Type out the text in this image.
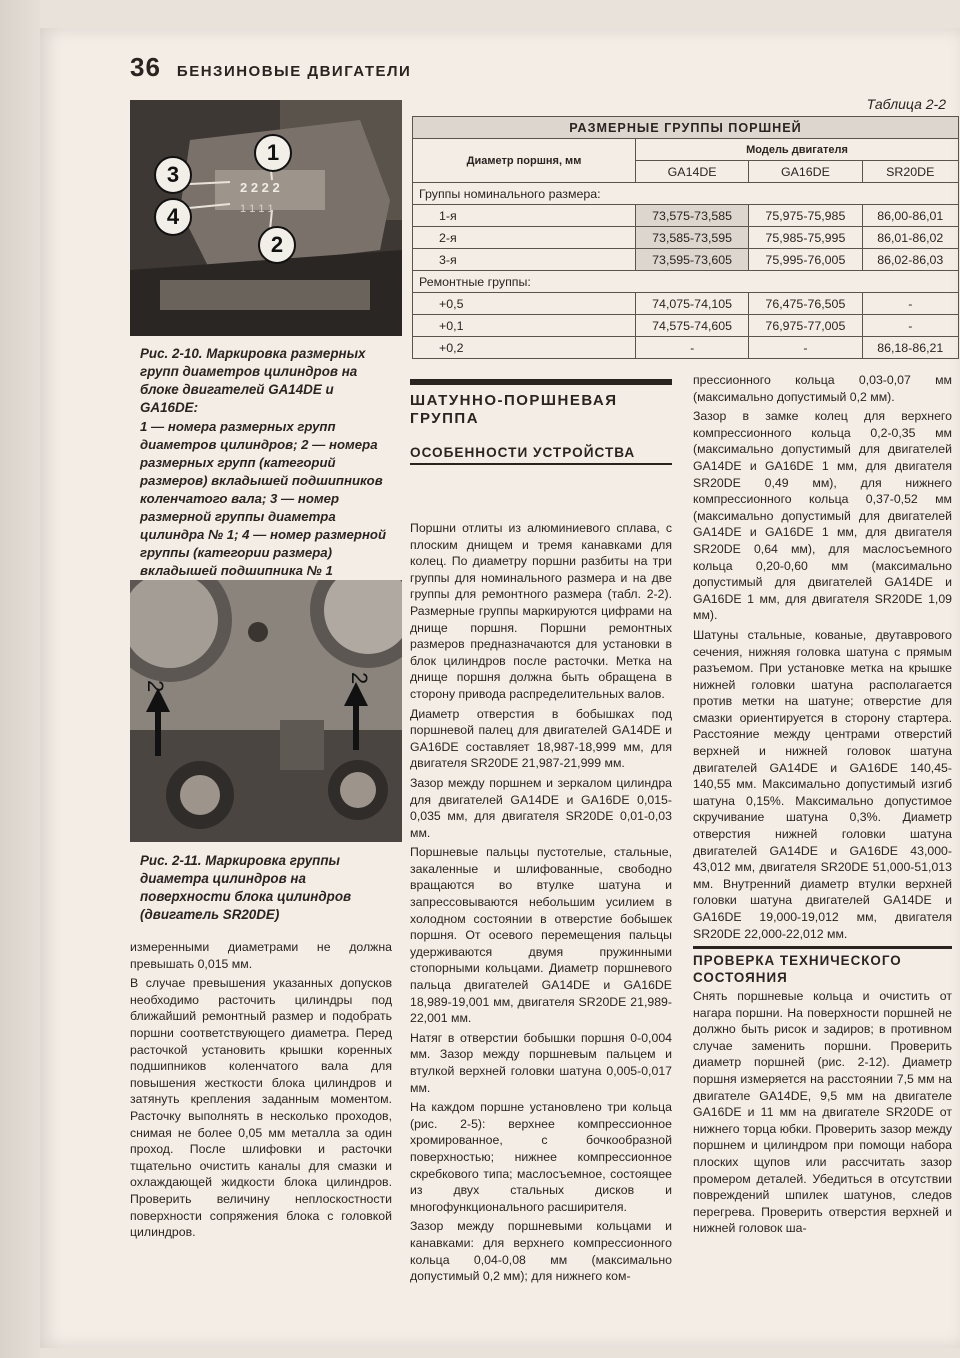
36 БЕНЗИНОВЫЕ ДВИГАТЕЛИ
2 2 2 2
1 1 1 1
1
2
3
4
Рис. 2-10. Маркировка размерных групп диаметров цилиндров на блоке двигателей GA14DE и GA16DE:
1 — номера размерных групп диаметров цилиндров; 2 — номера размерных групп (категорий размеров) вкладышей подшипников коленчатого вала; 3 — номер размерной группы диаметра цилиндра № 1; 4 — номер размерной группы (категории размера) вкладышей подшипника № 1
2
2
Рис. 2-11. Маркировка группы диаметра цилиндров на поверхности блока цилиндров (двигатель SR20DE)
Таблица 2-2
РАЗМЕРНЫЕ ГРУППЫ ПОРШНЕЙ			
Диаметр поршня, мм	Модель двигателя		
	GA14DE	GA16DE	SR20DE
Группы номинального размера:			
1-я	73,575-73,585	75,975-75,985	86,00-86,01
2-я	73,585-73,595	75,985-75,995	86,01-86,02
3-я	73,595-73,605	75,995-76,005	86,02-86,03
Ремонтные группы:			
+0,5	74,075-74,105	76,475-76,505	-
+0,1	74,575-74,605	76,975-77,005	-
+0,2	-	-	86,18-86,21

измеренными диаметрами не должна превышать 0,015 мм.

В случае превышения указанных допусков необходимо расточить цилиндры под ближайший ремонтный размер и подобрать поршни соответствующего диаметра. Перед расточкой установить крышки коренных подшипников коленчатого вала для повышения жесткости блока цилиндров и затянуть крепления заданным моментом. Расточку выполнять в несколько проходов, снимая не более 0,05 мм металла за один проход. После шлифовки и расточки тщательно очистить каналы для смазки и охлаждающей жидкости блока цилиндров. Проверить величину неплоскостности поверхности сопряжения блока с головкой цилиндров.

ШАТУННО-ПОРШНЕВАЯ ГРУППА
ОСОБЕННОСТИ УСТРОЙСТВА

Поршни отлиты из алюминиевого сплава, с плоским днищем и тремя канавками для колец. По диаметру поршни разбиты на три группы для номинального размера и на две группы для ремонтного размера (табл. 2-2). Размерные группы маркируются цифрами на днище поршня. Поршни ремонтных размеров предназначаются для установки в блок цилиндров после расточки. Метка на днище поршня должна быть обращена в сторону привода распределительных валов.

Диаметр отверстия в бобышках под поршневой палец для двигателей GA14DE и GA16DE составляет 18,987-18,999 мм, для двигателя SR20DE 21,987-21,999 мм.

Зазор между поршнем и зеркалом цилиндра для двигателей GA14DE и GA16DE 0,015-0,035 мм, для двигателя SR20DE 0,01-0,03 мм.

Поршневые пальцы пустотелые, стальные, закаленные и шлифованные, свободно вращаются во втулке шатуна и запрессовываются небольшим усилием в холодном состоянии в отверстие бобышек поршня. От осевого перемещения пальцы удерживаются двумя пружинными стопорными кольцами. Диаметр поршневого пальца двигателей GA14DE и GA16DE 18,989-19,001 мм, двигателя SR20DE 21,989-22,001 мм.

Натяг в отверстии бобышки поршня 0-0,004 мм. Зазор между поршневым пальцем и втулкой верхней головки шатуна 0,005-0,017 мм.

На каждом поршне установлено три кольца (рис. 2-5): верхнее компрессионное хромированное, с бочкообразной поверхностью; нижнее компрессионное скребкового типа; маслосъемное, состоящее из двух стальных дисков и многофункционального расширителя.

Зазор между поршневыми кольцами и канавками: для верхнего компрессионного кольца 0,04-0,08 мм (максимально допустимый 0,2 мм); для нижнего ком-

прессионного кольца 0,03-0,07 мм (максимально допустимый 0,2 мм).

Зазор в замке колец для верхнего компрессионного кольца 0,2-0,35 мм (максимально допустимый для двигателей GA14DE и GA16DE 1 мм, для двигателя SR20DE 0,49 мм), для нижнего компрессионного кольца 0,37-0,52 мм (максимально допустимый для двигателей GA14DE и GA16DE 1 мм, для двигателя SR20DE 0,64 мм), для маслосъемного кольца 0,20-0,60 мм (максимально допустимый для двигателей GA14DE и GA16DE 1 мм, для двигателя SR20DE 1,09 мм).

Шатуны стальные, кованые, двутаврового сечения, нижняя головка шатуна с прямым разъемом. При установке метка на крышке нижней головки шатуна располагается против метки на шатуне; отверстие для смазки ориентируется в сторону стартера. Расстояние между центрами отверстий верхней и нижней головок шатуна двигателей GA14DE и GA16DE 140,45-140,55 мм. Максимально допустимый изгиб шатуна 0,15%. Максимально допустимое скручивание шатуна 0,3%. Диаметр отверстия нижней головки шатуна двигателей GA14DE и GA16DE 43,000-43,012 мм, двигателя SR20DE 51,000-51,013 мм. Внутренний диаметр втулки верхней головки шатуна двигателей GA14DE и GA16DE 19,000-19,012 мм, двигателя SR20DE 22,000-22,012 мм.

ПРОВЕРКА ТЕХНИЧЕСКОГО СОСТОЯНИЯ

Снять поршневые кольца и очистить от нагара поршни. На поверхности поршней не должно быть рисок и задиров; в противном случае заменить поршни. Проверить диаметр поршней (рис. 2-12). Диаметр поршня измеряется на расстоянии 7,5 мм на двигателе GA14DE, 9,5 мм на двигателе GA16DE и 11 мм на двигателе SR20DE от нижнего торца юбки. Проверить зазор между поршнем и цилиндром при помощи набора плоских щупов или рассчитать зазор промером деталей. Убедиться в отсутствии повреждений шпилек шатунов, следов перегрева. Проверить отверстия верхней и нижней головок ша-
